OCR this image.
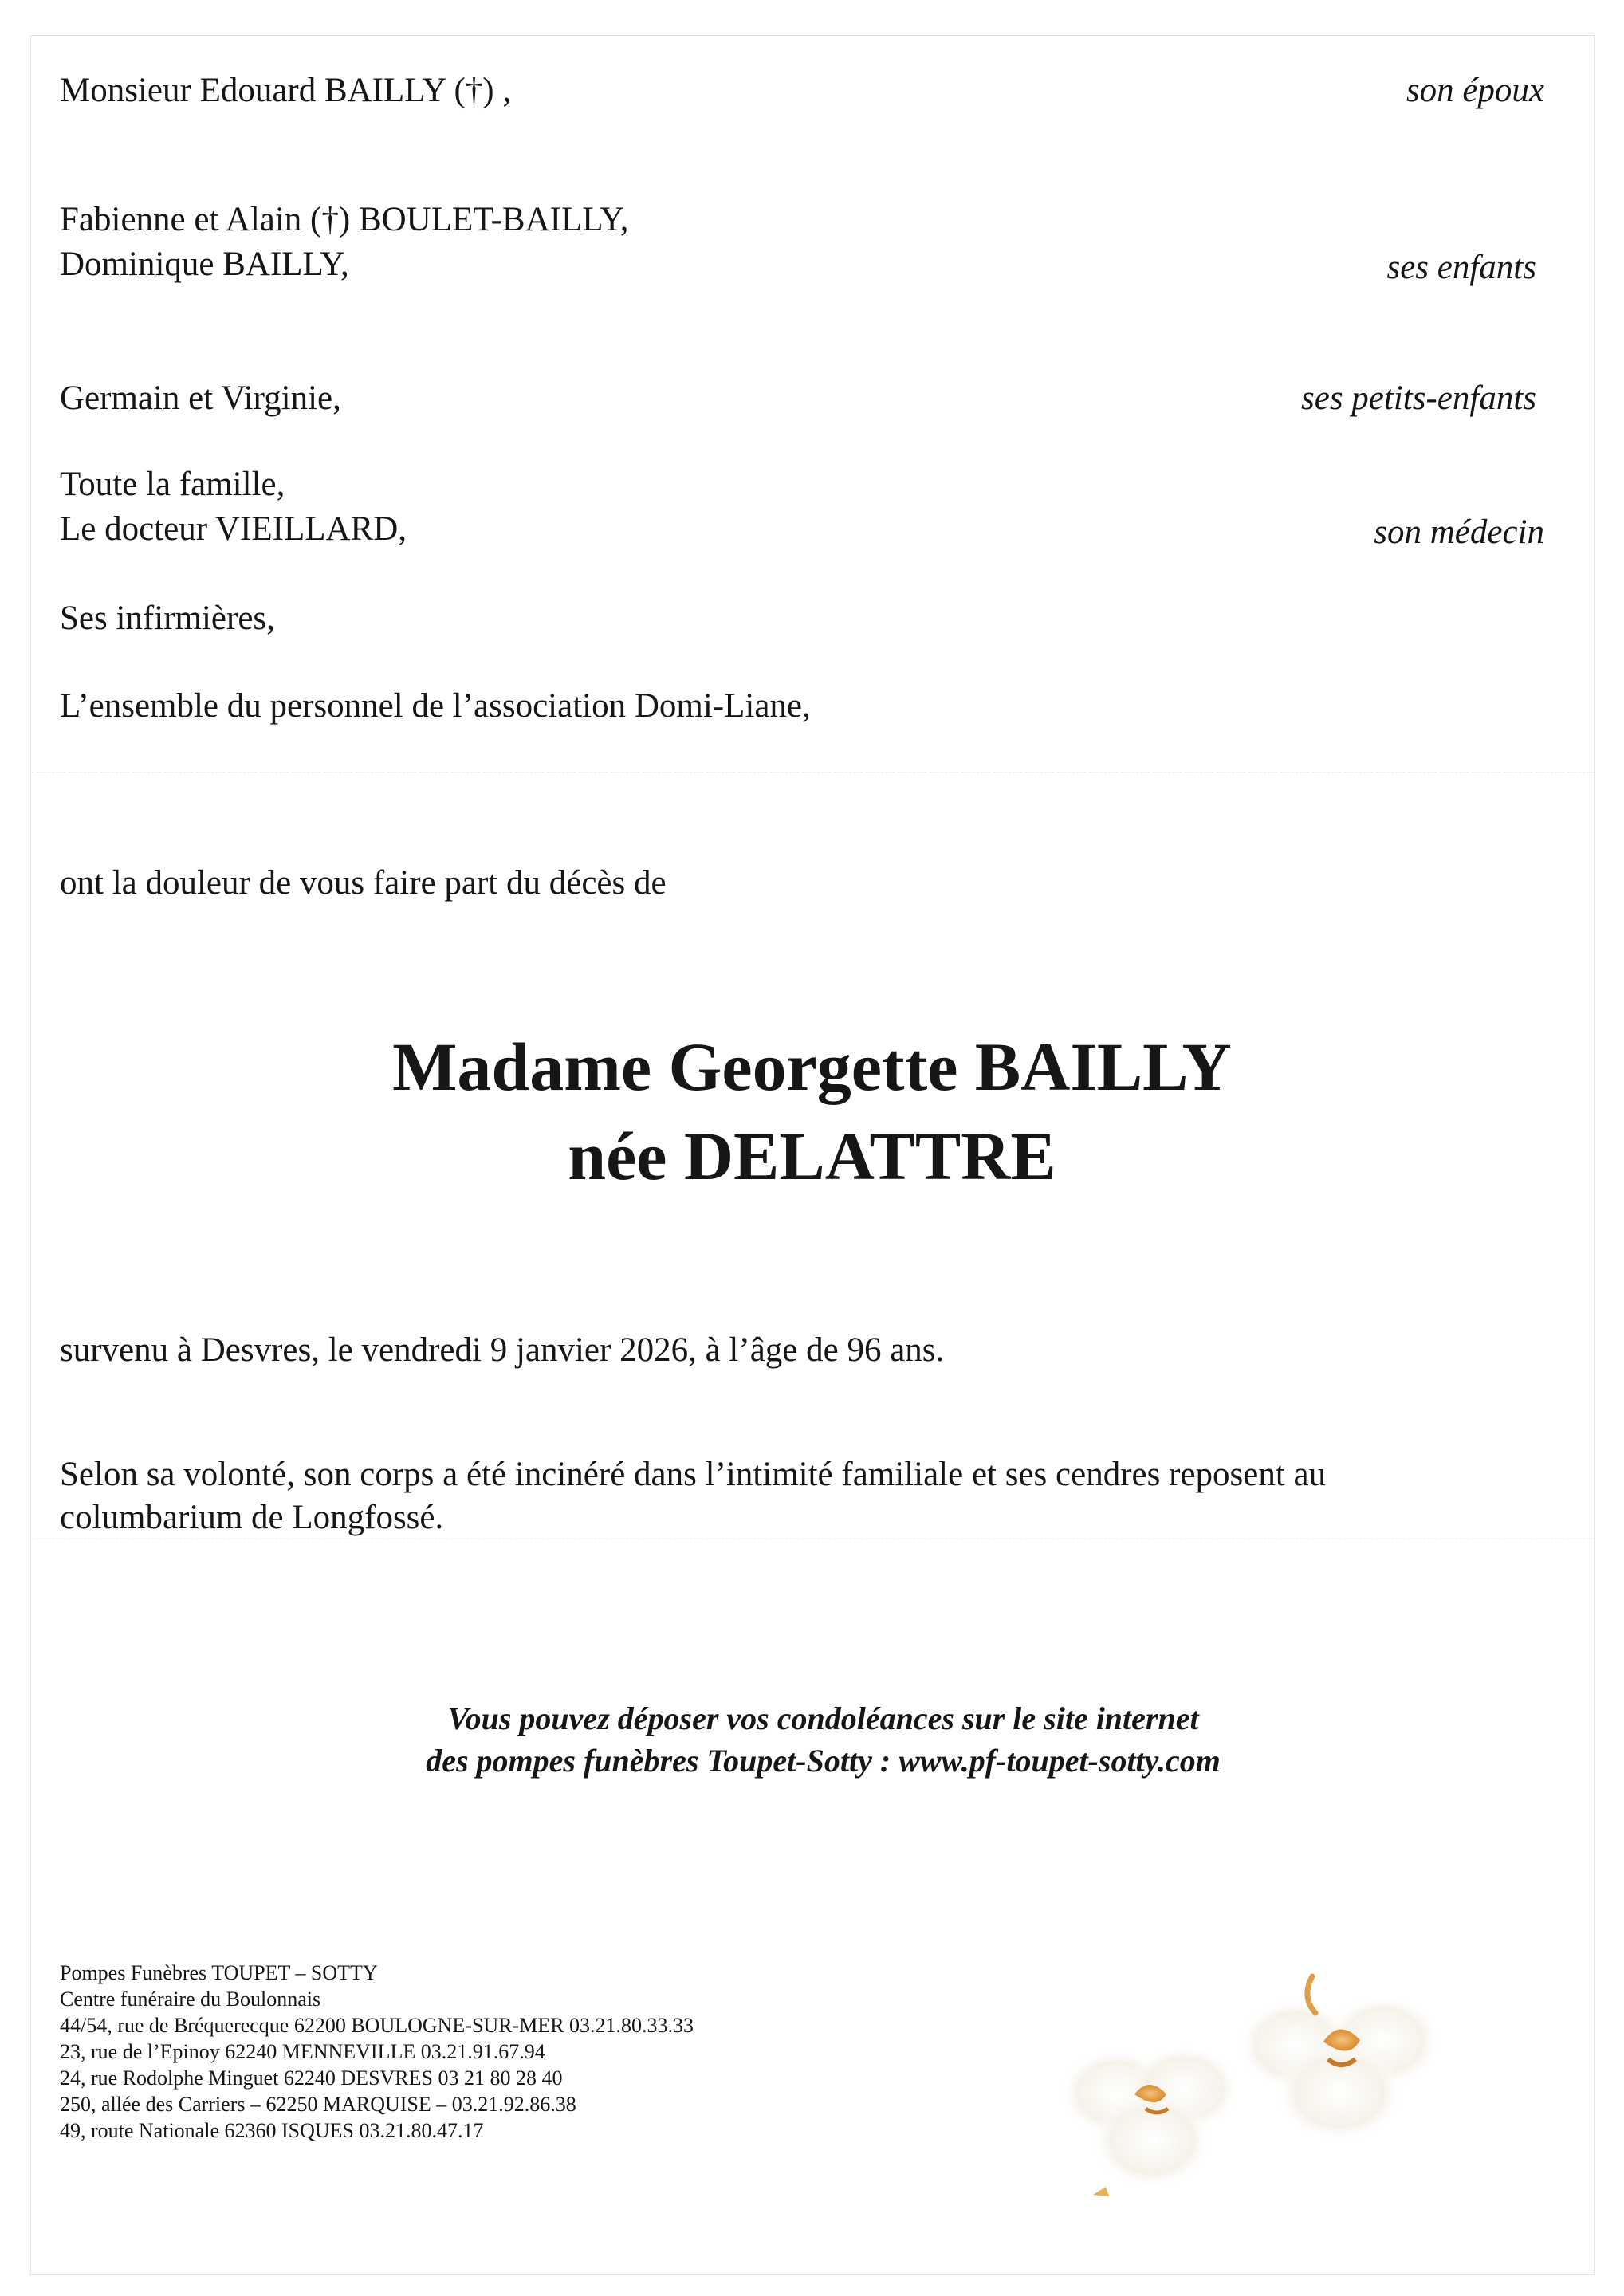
Monsieur Edouard BAILLY (†) ,	son époux
Fabienne et Alain (†) BOULET-BAILLY,
Dominique BAILLY,	ses enfants
Germain et Virginie,	ses petits-enfants
Toute la famille,
Le docteur VIEILLARD,	son médecin
Ses infirmières,
L’ensemble du personnel de l’association Domi-Liane,
ont la douleur de vous faire part du décès de
Madame Georgette BAILLY
née DELATTRE
survenu à Desvres, le vendredi 9 janvier 2026, à l’âge de 96 ans.
Selon sa volonté, son corps a été incinéré dans l’intimité familiale et ses cendres reposent au
columbarium de Longfossé.
Vous pouvez déposer vos condoléances sur le site internet
des pompes funèbres Toupet-Sotty : www.pf-toupet-sotty.com
Pompes Funèbres TOUPET – SOTTY
Centre funéraire du Boulonnais
44/54, rue de Bréquerecque 62200 BOULOGNE-SUR-MER 03.21.80.33.33
23, rue de l’Epinoy 62240 MENNEVILLE 03.21.91.67.94
24, rue Rodolphe Minguet 62240 DESVRES 03 21 80 28 40
250, allée des Carriers – 62250 MARQUISE – 03.21.92.86.38
49, route Nationale 62360 ISQUES 03.21.80.47.17
